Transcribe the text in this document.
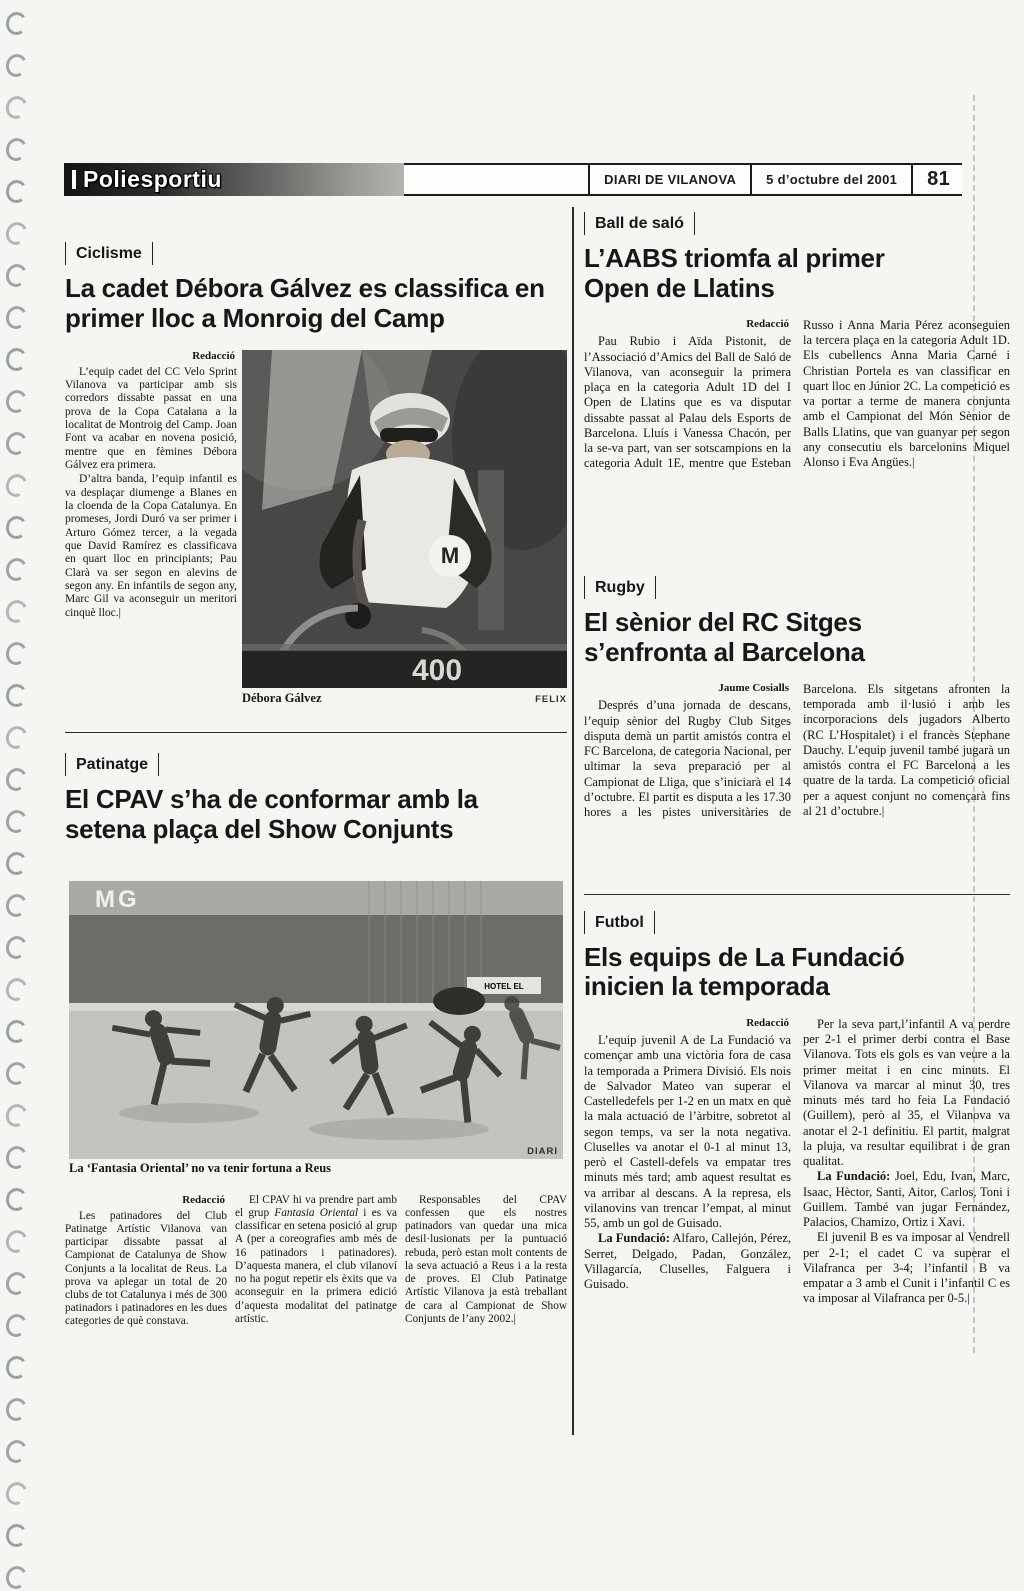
Poliesportiu	DIARI DE VILANOVA	5 d’octubre del 2001	81
Ciclisme
La cadet Débora Gálvez es classifica en primer lloc a Monroig del Camp
Redacció

L’equip cadet del CC Velo Sprint Vilanova va participar amb sis corredors dissabte passat en una prova de la Copa Catalana a la localitat de Montroig del Camp. Joan Font va acabar en novena posició, mentre que en fèmines Débora Gálvez era primera.

D’altra banda, l’equip infantil es va desplaçar diumenge a Blanes en la cloenda de la Copa Catalunya. En promeses, Jordi Duró va ser primer i Arturo Gómez tercer, a la vegada que David Ramírez es classificava en quart lloc en principiants; Pau Clarà va ser segon en alevins de segon any. En infantils de segon any, Marc Gil va aconseguir un meritori cinquè lloc.|

M
400
Débora Gálvez	FELIX
Patinatge
El CPAV s’ha de conformar amb la setena plaça del Show Conjunts
MG
HOTEL EL
DIARI
La ‘Fantasia Oriental’ no va tenir fortuna a Reus
Redacció

Les patinadores del Club Patinatge Artístic Vilanova van participar dissabte passat al Campionat de Catalunya de Show Conjunts a la localitat de Reus. La prova va aplegar un total de 20 clubs de tot Catalunya i més de 300 patinadors i patinadores en les dues categories de què constava.

El CPAV hi va prendre part amb el grup Fantasia Oriental i es va classificar en setena posició al grup A (per a coreografies amb més de 16 patinadors i patinadores). D’aquesta manera, el club vilanoví no ha pogut repetir els èxits que va aconseguir en la primera edició d’aquesta modalitat del patinatge artístic.

Responsables del CPAV confessen que els nostres patinadors van quedar una mica desil·lusionats per la puntuació rebuda, però estan molt contents de la seva actuació a Reus i a la resta de proves. El Club Patinatge Artístic Vilanova ja està treballant de cara al Campionat de Show Conjunts de l’any 2002.|

Ball de saló
L’AABS triomfa al primer Open de Llatins
Redacció

Pau Rubio i Aïda Pistonit, de l’Associació d’Amics del Ball de Saló de Vilanova, van aconseguir la primera plaça en la categoria Adult 1D del I Open de Llatins que es va disputar dissabte passat al Palau dels Esports de Barcelona. Lluís i Vanessa Chacón, per la se-va part, van ser sotscampions en la categoria Adult 1E, mentre que Esteban Russo i Anna Maria Pérez aconseguien la tercera plaça en la categoria Adult 1D. Els cubellencs Anna Maria Carné i Christian Portela es van classificar en quart lloc en Júnior 2C. La competició es va portar a terme de manera conjunta amb el Campionat del Món Sènior de Balls Llatins, que van guanyar per segon any consecutiu els barcelonins Miquel Alonso i Eva Angües.|

Rugby
El sènior del RC Sitges s’enfronta al Barcelona
Jaume Cosialls

Després d’una jornada de descans, l’equip sènior del Rugby Club Sitges disputa demà un partit amistós contra el FC Barcelona, de categoria Nacional, per ultimar la seva preparació per al Campionat de Lliga, que s’iniciarà el 14 d’octubre. El partit es disputa a les 17.30 hores a les pistes universitàries de Barcelona. Els sitgetans afronten la temporada amb il·lusió i amb les incorporacions dels jugadors Alberto (RC L’Hospitalet) i el francès Stephane Dauchy. L’equip juvenil també jugarà un amistós contra el FC Barcelona a les quatre de la tarda. La competició oficial per a aquest conjunt no començarà fins al 21 d’octubre.|

Futbol
Els equips de La Fundació inicien la temporada
Redacció

L’equip juvenil A de La Fundació va començar amb una victòria fora de casa la temporada a Primera Divisió. Els nois de Salvador Mateo van superar el Castelledefels per 1-2 en un matx en què la mala actuació de l’àrbitre, sobretot al segon temps, va ser la nota negativa. Cluselles va anotar el 0-1 al minut 13, però el Castell-defels va empatar tres minuts més tard; amb aquest resultat es va arribar al descans. A la represa, els vilanovins van trencar l’empat, al minut 55, amb un gol de Guisado.

La Fundació: Alfaro, Callejón, Pérez, Serret, Delgado, Padan, González, Villagarcía, Cluselles, Falguera i Guisado.

Per la seva part,l’infantil A va perdre per 2-1 el primer derbi contra el Base Vilanova. Tots els gols es van veure a la primer meitat i en cinc minuts. El Vilanova va marcar al minut 30, tres minuts més tard ho feia La Fundació (Guillem), però al 35, el Vilanova va anotar el 2-1 definitiu. El partit, malgrat la pluja, va resultar equilibrat i de gran qualitat.

La Fundació: Joel, Edu, Ivan, Marc, Isaac, Hèctor, Santi, Aitor, Carlos, Toni i Guillem. També van jugar Fernández, Palacios, Chamizo, Ortiz i Xavi.

El juvenil B es va imposar al Vendrell per 2-1; el cadet C va superar el Vilafranca per 3-4; l’infantil B va empatar a 3 amb el Cunit i l’infantil C es va imposar al Vilafranca per 0-5.|
